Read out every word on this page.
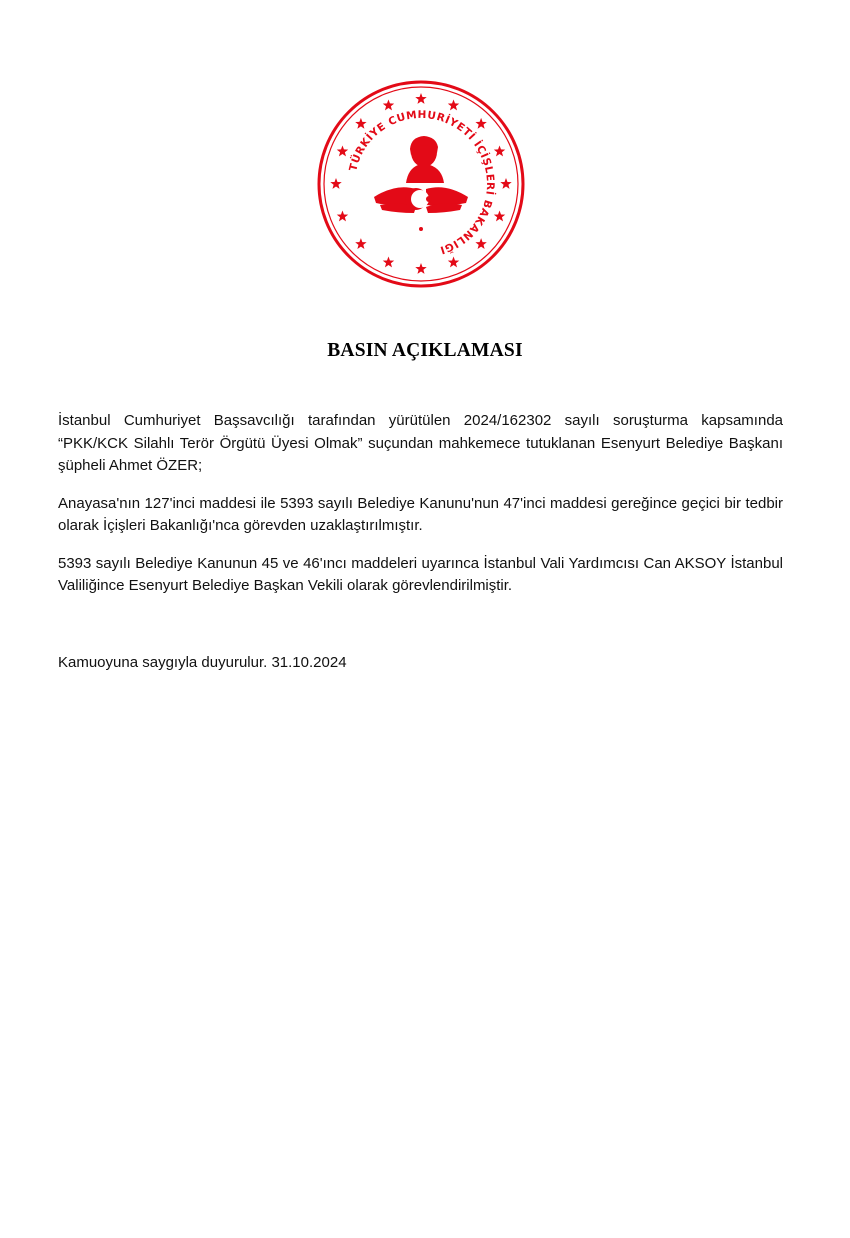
TÜRKİYE CUMHURİYETİ İÇİŞLERİ BAKANLIĞI
BASIN AÇIKLAMASI

İstanbul Cumhuriyet Başsavcılığı tarafından yürütülen 2024/162302 sayılı soruşturma kapsamında “PKK/KCK Silahlı Terör Örgütü Üyesi Olmak” suçundan mahkemece tutuklanan Esenyurt Belediye Başkanı şüpheli Ahmet ÖZER;

Anayasa'nın 127'inci maddesi ile 5393 sayılı Belediye Kanunu'nun 47'inci maddesi gereğince geçici bir tedbir olarak İçişleri Bakanlığı'nca görevden uzaklaştırılmıştır.

5393 sayılı Belediye Kanunun 45 ve 46'ıncı maddeleri uyarınca İstanbul Vali Yardımcısı Can AKSOY İstanbul Valiliğince Esenyurt Belediye Başkan Vekili olarak görevlendirilmiştir.

Kamuoyuna saygıyla duyurulur. 31.10.2024
